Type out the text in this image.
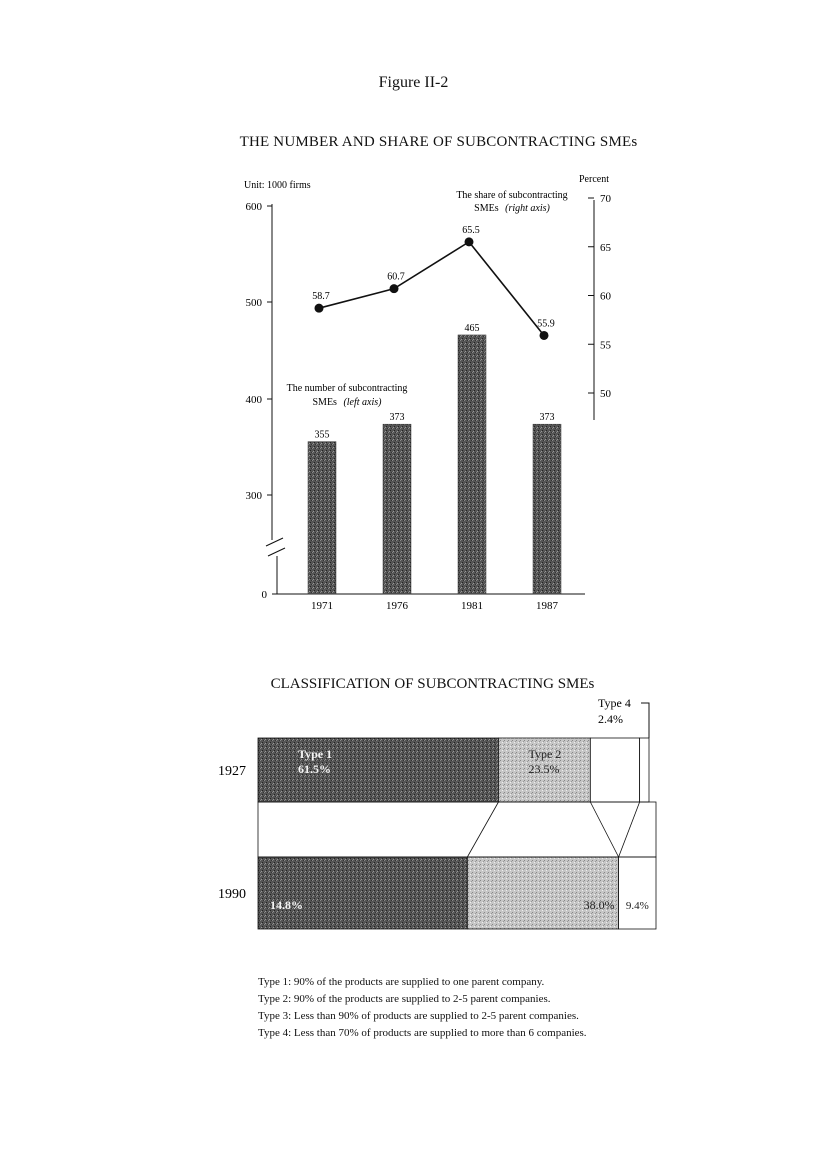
Figure II-2
THE NUMBER AND SHARE OF SUBCONTRACTING SMEs
Unit: 1000 firms
Percent
600
500
400
300
0
70
65
60
55
50
355
373
465
373
1971	1976	1981	1987
58.7
60.7
65.5
55.9
The share of subcontracting
SMEs (right axis)
The number of subcontracting
SMEs (left axis)
CLASSIFICATION OF SUBCONTRACTING SMEs
Type 4
2.4%
1927
Type 1
61.5%
Type 2
23.5%
1990
14.8%	38.0% 9.4%
Type 1: 90% of the products are supplied to one parent company.
Type 2: 90% of the products are supplied to 2-5 parent companies.
Type 3: Less than 90% of products are supplied to 2-5 parent companies.
Type 4: Less than 70% of products are supplied to more than 6 companies.
